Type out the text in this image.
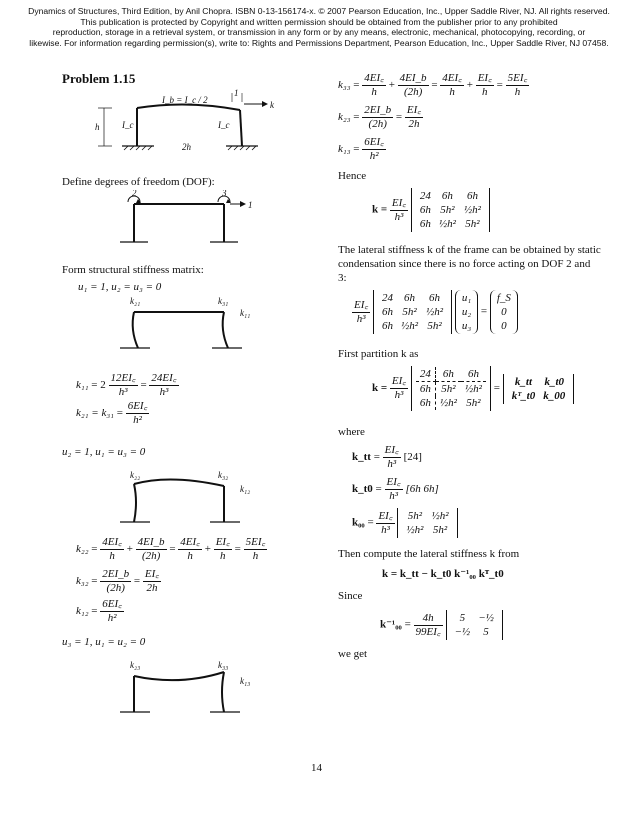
Dynamics of Structures, Third Edition, by Anil Chopra. ISBN 0-13-156174-x. © 2007 Pearson Education, Inc., Upper Saddle River, NJ. All rights reserved.
This publication is protected by Copyright and written permission should be obtained from the publisher prior to any prohibited
reproduction, storage in a retrieval system, or transmission in any form or by any means, electronic, mechanical, photocopying, recording, or
likewise. For information regarding permission(s), write to: Rights and Permissions Department, Pearson Education, Inc., Upper Saddle River, NJ 07458.
Problem 1.15
I_b = I_c / 2
h	I_c	I_c
2h
1
k
Define degrees of freedom (DOF):
2	3
1
Form structural stiffness matrix:
u₁ = 1, u₂ = u₃ = 0
k₂₁	k₃₁
k₁₁
$k_{11} = 2 \frac{12EI꜀}{\text{h³}} = \frac{24EI꜀}{\text{h³}}$
$k_{21} = k_{31} = \frac{6EI꜀}{\text{h²}}$
u₂ = 1, u₁ = u₃ = 0
k₂₂	k₃₂
k₁₂
$k_{22} = \frac{4EI꜀}{h} + \frac{4EI\_b}{(2h)} = \frac{4EI꜀}{h} + \frac{EI꜀}{h} = \frac{5EI꜀}{h}$
$k_{32} = \frac{2EI\_b}{(2h)} = \frac{EI꜀}{2h}$
$k_{12} = \frac{6EI꜀}{\text{h²}}$
u₃ = 1, u₁ = u₂ = 0
k₂₃	k₃₃
k₁₃
$k_{33} = \frac{4EI꜀}{h} + \frac{4EI\_b}{(2h)} = \frac{4EI꜀}{h} + \frac{EI꜀}{h} = \frac{5EI꜀}{h}$
$k_{23} = \frac{2EI\_b}{(2h)} = \frac{EI꜀}{2h}$
$k_{13} = \frac{6EI꜀}{\text{h²}}$
Hence
$k = \frac{EI꜀}{\text{h³}}$

24	6h	6h
6h	5h²	½h²
6h	½h²	5h²
The lateral stiffness k of the frame can be obtained by static
condensation since there is no force acting on DOF 2 and
3:
$\frac{EI꜀}{\text{h³}}$

24	6h	6h
6h	5h²	½h²
6h	½h²	5h²

u₁
u₂
u₃
=
f_S
0
0
First partition k as
$k = \frac{EI꜀}{\text{h³}}$

24	6h	6h
6h	5h²	½h²
6h	½h²	5h²
=
k_tt	k_t0
kᵀ_t0	k_00
where
k_tt = $\frac{EI꜀}{\text{h³}} [24]$
k_t0 = $\frac{EI꜀}{\text{h³}} [6h$ 6h]
$k_{00} = \frac{EI꜀}{\text{h³}}$
5h²	½h²
½h²	5h²
Then compute the lateral stiffness k from
k = k_tt − k_t0 k⁻¹₀₀ kᵀ_t0
Since
$k^{-1}_{00} = \frac{4h}{99EI꜀}$
5	−½
−½	5
we get
14
